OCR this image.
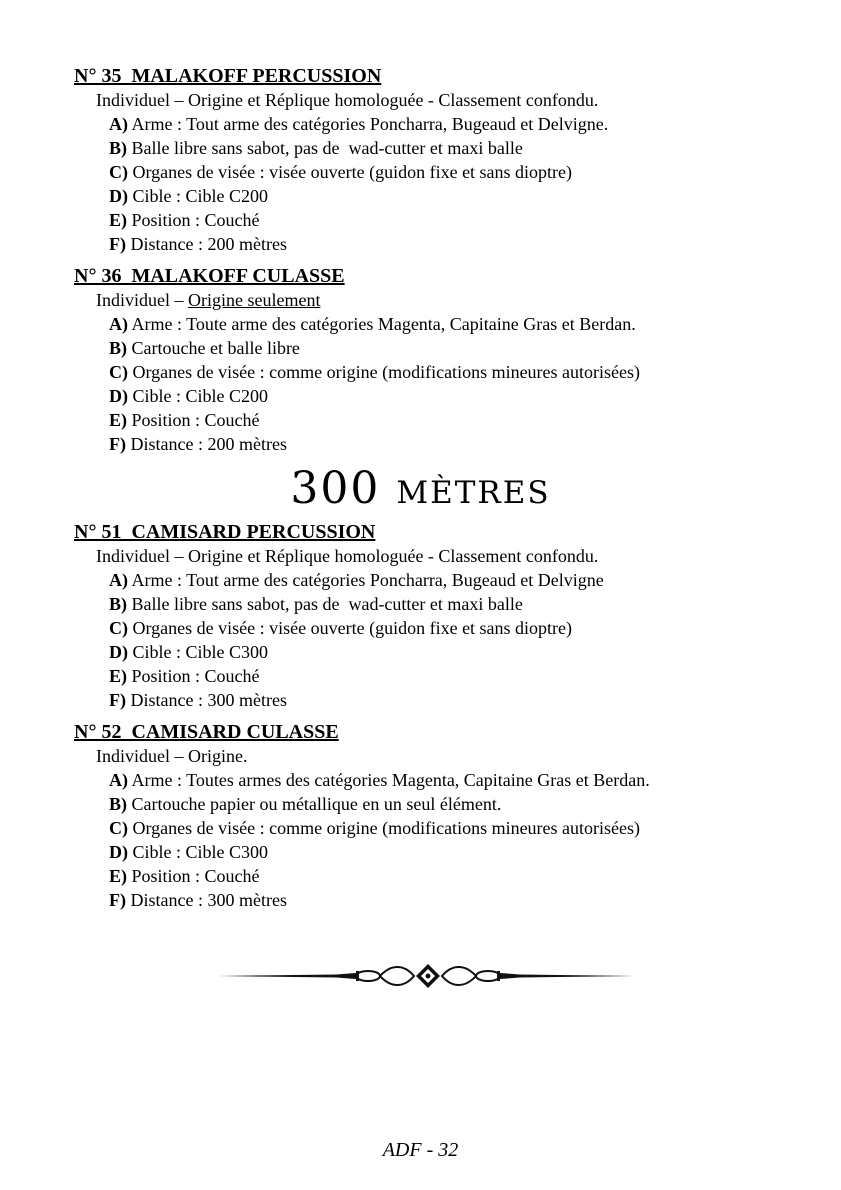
N° 35  MALAKOFF PERCUSSION
Individuel – Origine et Réplique homologuée - Classement confondu.
A) Arme : Tout arme des catégories Poncharra, Bugeaud et Delvigne.
B) Balle libre sans sabot, pas de  wad-cutter et maxi balle
C) Organes de visée : visée ouverte (guidon fixe et sans dioptre)
D) Cible : Cible C200
E) Position : Couché
F) Distance : 200 mètres
N° 36  MALAKOFF CULASSE
Individuel – Origine seulement
A) Arme : Toute arme des catégories Magenta, Capitaine Gras et Berdan.
B) Cartouche et balle libre
C) Organes de visée : comme origine (modifications mineures autorisées)
D) Cible : Cible C200
E) Position : Couché
F) Distance : 200 mètres
300 mètres
N° 51  CAMISARD PERCUSSION
Individuel – Origine et Réplique homologuée - Classement confondu.
A) Arme : Tout arme des catégories Poncharra, Bugeaud et Delvigne
B) Balle libre sans sabot, pas de  wad-cutter et maxi balle
C) Organes de visée : visée ouverte (guidon fixe et sans dioptre)
D) Cible : Cible C300
E) Position : Couché
F) Distance : 300 mètres
N° 52  CAMISARD CULASSE
Individuel – Origine.
A) Arme : Toutes armes des catégories Magenta, Capitaine Gras et Berdan.
B) Cartouche papier ou métallique en un seul élément.
C) Organes de visée : comme origine (modifications mineures autorisées)
D) Cible : Cible C300
E) Position : Couché
F) Distance : 300 mètres
ADF - 32
